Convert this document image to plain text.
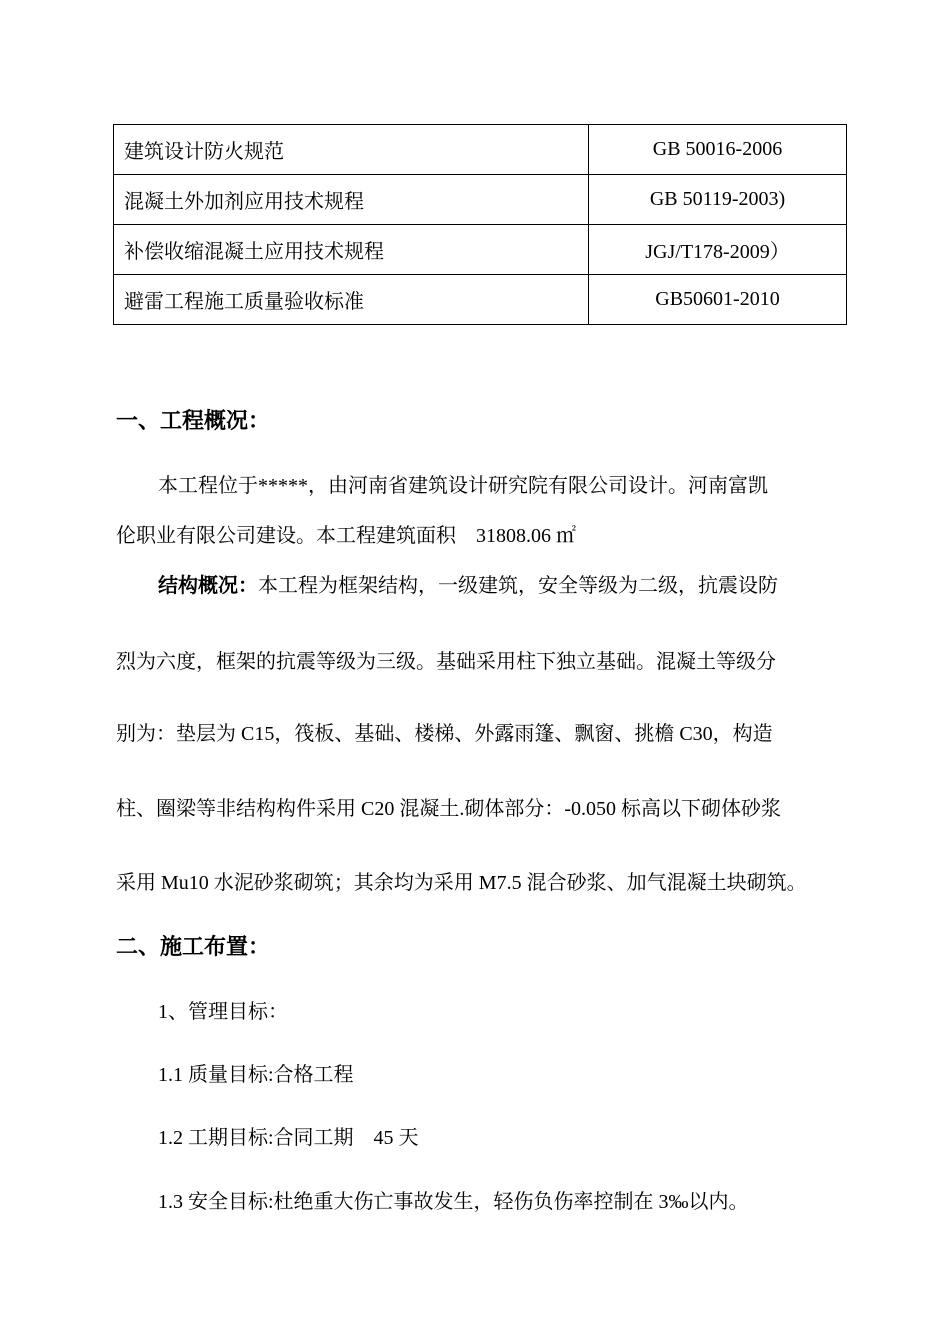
建筑设计防火规范	GB 50016-2006
混凝土外加剂应用技术规程	GB 50119-2003)
补偿收缩混凝土应用技术规程	JGJ/T178-2009）
避雷工程施工质量验收标准	GB50601-2010
一、工程概况：
本工程位于*****，由河南省建筑设计研究院有限公司设计。河南富凯
伦职业有限公司建设。本工程建筑面积　31808.06 ㎡
结构概况：本工程为框架结构，一级建筑，安全等级为二级，抗震设防
烈为六度，框架的抗震等级为三级。基础采用柱下独立基础。混凝土等级分
别为：垫层为 C15，筏板、基础、楼梯、外露雨篷、飘窗、挑檐 C30，构造
柱、圈梁等非结构构件采用 C20 混凝土.砌体部分：-0.050 标高以下砌体砂浆
采用 Mu10 水泥砂浆砌筑；其余均为采用 M7.5 混合砂浆、加气混凝土块砌筑。
二、施工布置：
1、管理目标：
1.1 质量目标:合格工程
1.2 工期目标:合同工期　45 天
1.3 安全目标:杜绝重大伤亡事故发生，轻伤负伤率控制在 3‰以内。
